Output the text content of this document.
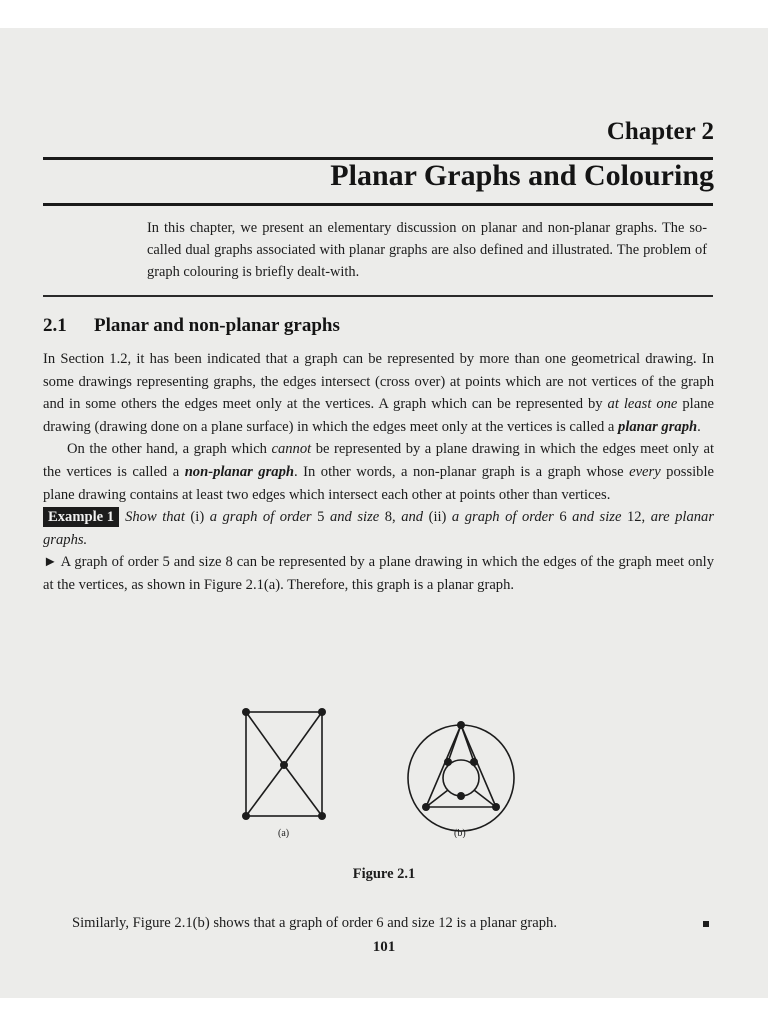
Chapter 2
Planar Graphs and Colouring
In this chapter, we present an elementary discussion on planar and non-planar graphs. The so-called dual graphs associated with planar graphs are also defined and illustrated. The problem of graph colouring is briefly dealt-with.
2.1 Planar and non-planar graphs

In Section 1.2, it has been indicated that a graph can be represented by more than one geometrical drawing. In some drawings representing graphs, the edges intersect (cross over) at points which are not vertices of the graph and in some others the edges meet only at the vertices. A graph which can be represented by at least one plane drawing (drawing done on a plane surface) in which the edges meet only at the vertices is called a planar graph.

On the other hand, a graph which cannot be represented by a plane drawing in which the edges meet only at the vertices is called a non-planar graph. In other words, a non-planar graph is a graph whose every possible plane drawing contains at least two edges which intersect each other at points other than vertices.

Example 1 Show that (i) a graph of order 5 and size 8, and (ii) a graph of order 6 and size 12, are planar graphs.

► A graph of order 5 and size 8 can be represented by a plane drawing in which the edges of the graph meet only at the vertices, as shown in Figure 2.1(a). Therefore, this graph is a planar graph.

(a)	(b)
Figure 2.1
Similarly, Figure 2.1(b) shows that a graph of order 6 and size 12 is a planar graph.
101
